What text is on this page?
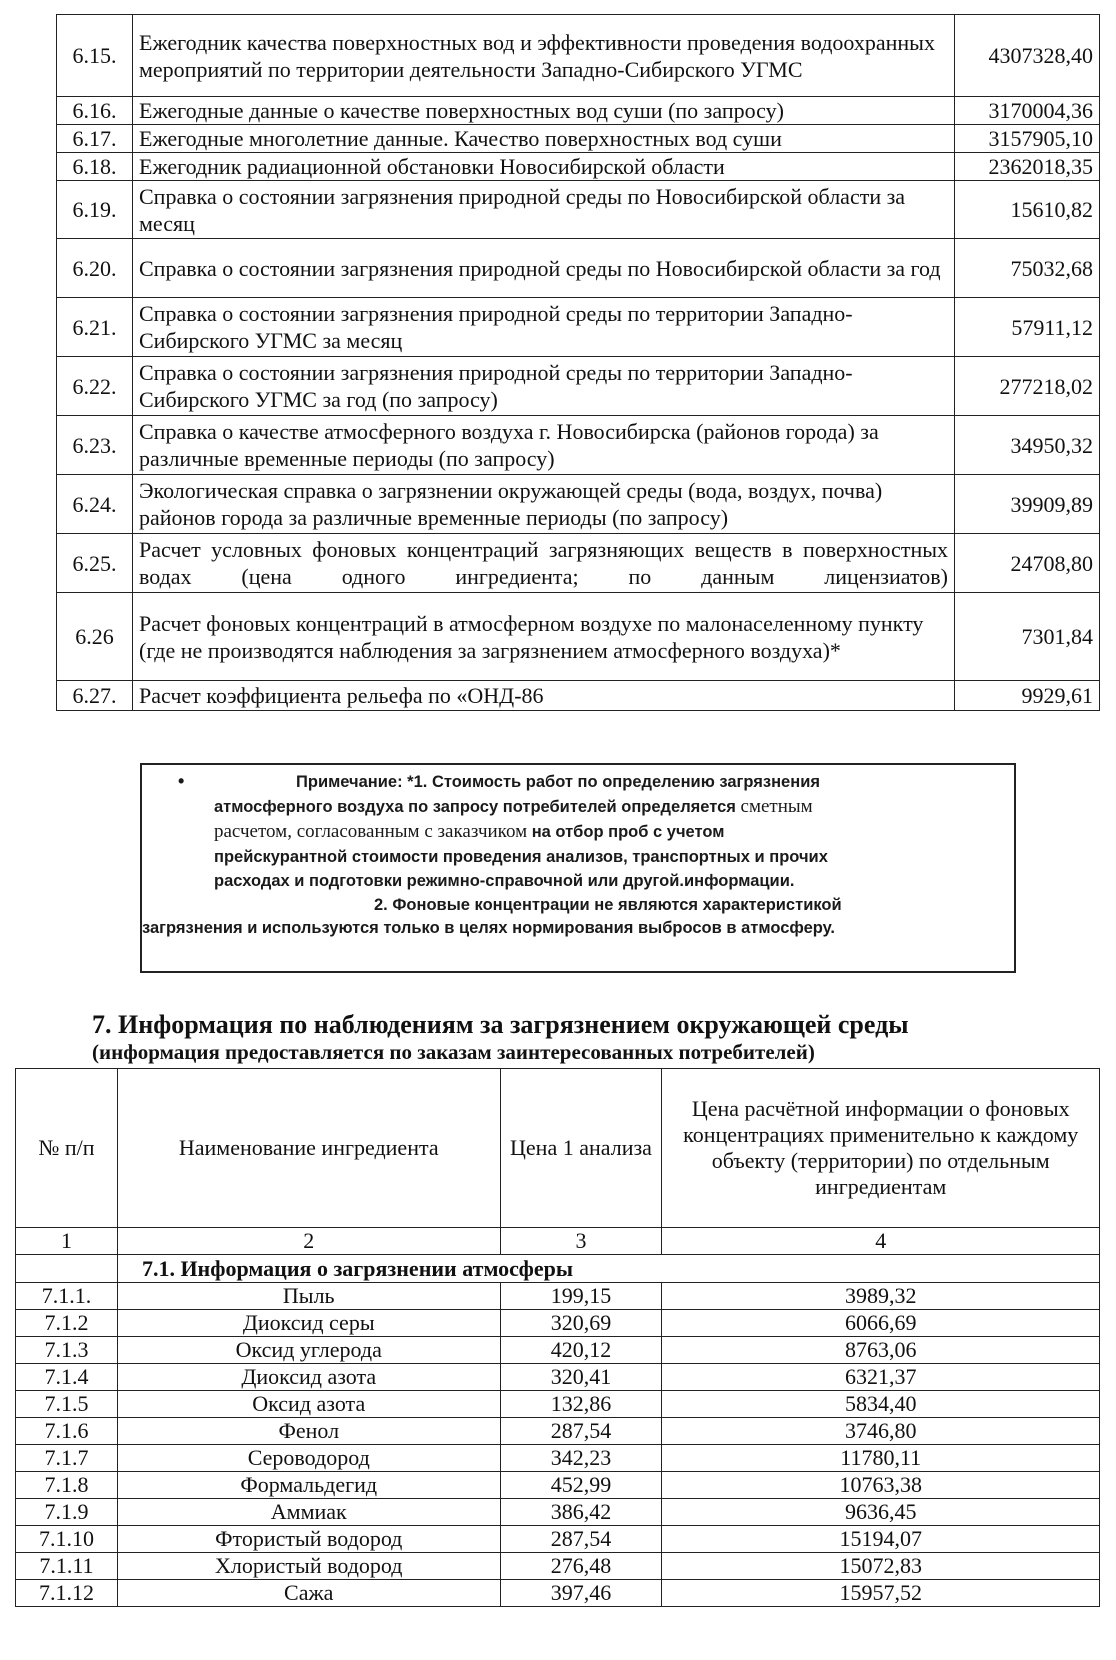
6.15.	Ежегодник качества поверхностных вод и эффективности проведения водоохранных мероприятий по территории деятельности Западно-Сибирского УГМС	4307328,40
6.16.	Ежегодные данные о качестве поверхностных вод суши (по запросу)	3170004,36
6.17.	Ежегодные многолетние данные. Качество поверхностных вод суши	3157905,10
6.18.	Ежегодник радиационной обстановки Новосибирской области	2362018,35
6.19.	Справка о состоянии загрязнения природной среды по Новосибирской области за месяц	15610,82
6.20.	Справка о состоянии загрязнения природной среды по Новосибирской области за год	75032,68
6.21.	Справка о состоянии загрязнения природной среды по территории Западно-Сибирского УГМС за месяц	57911,12
6.22.	Справка о состоянии загрязнения природной среды по территории Западно-Сибирского УГМС за год (по запросу)	277218,02
6.23.	Справка о качестве атмосферного воздуха г. Новосибирска (районов города) за различные временные периоды (по запросу)	34950,32
6.24.	Экологическая справка о загрязнении окружающей среды (вода, воздух, почва) районов города за различные временные периоды (по запросу)	39909,89
6.25.	Расчет условных фоновых концентраций загрязняющих веществ в поверхностных водах (цена одного ингредиента; по данным лицензиатов)	24708,80
6.26	Расчет фоновых концентраций в атмосферном воздухе по малонаселенному пункту (где не производятся наблюдения за загрязнением атмосферного воздуха)*	7301,84
6.27.	Расчет коэффициента рельефа по «ОНД-86	9929,61
•	Примечание: *1. Стоимость работ по определению загрязнения
атмосферного воздуха по запросу потребителей определяется сметным
расчетом, согласованным с заказчиком на отбор проб с учетом
прейскурантной стоимости проведения анализов, транспортных и прочих
расходах и подготовки режимно-справочной или другой.информации.
2. Фоновые концентрации не являются характеристикой
загрязнения и используются только в целях нормирования выбросов в атмосферу.
7. Информация по наблюдениям за загрязнением окружающей среды
(информация предоставляется по заказам заинтересованных потребителей)
№ п/п	Наименование ингредиента	Цена 1 анализа	Цена расчётной информации о фоновых концентрациях применительно к каждому объекту (территории) по отдельным ингредиентам
1	2	3	4
	7.1. Информация о загрязнении атмосферы		
7.1.1.	Пыль	199,15	3989,32
7.1.2	Диоксид серы	320,69	6066,69
7.1.3	Оксид углерода	420,12	8763,06
7.1.4	Диоксид азота	320,41	6321,37
7.1.5	Оксид азота	132,86	5834,40
7.1.6	Фенол	287,54	3746,80
7.1.7	Сероводород	342,23	11780,11
7.1.8	Формальдегид	452,99	10763,38
7.1.9	Аммиак	386,42	9636,45
7.1.10	Фтористый водород	287,54	15194,07
7.1.11	Хлористый водород	276,48	15072,83
7.1.12	Сажа	397,46	15957,52
